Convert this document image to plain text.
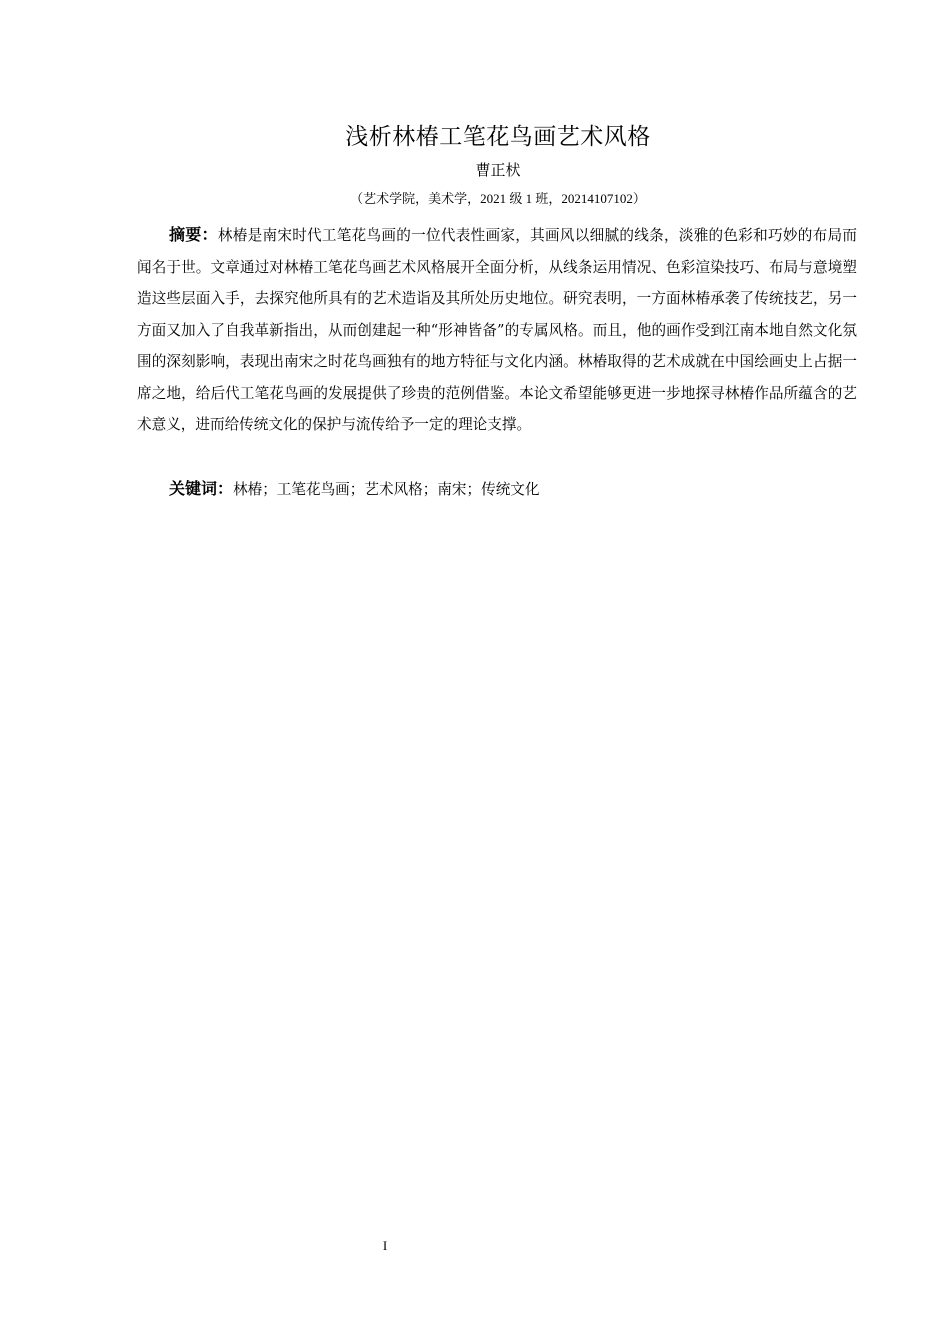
浅析林椿工笔花鸟画艺术风格
曹正枤
（艺术学院，美术学，2021 级 1 班，20214107102）
摘要：林椿是南宋时代工笔花鸟画的一位代表性画家，其画风以细腻的线条，淡雅的色彩和巧妙的布局而闻名于世。文章通过对林椿工笔花鸟画艺术风格展开全面分析，从线条运用情况、色彩渲染技巧、布局与意境塑造这些层面入手，去探究他所具有的艺术造诣及其所处历史地位。研究表明，一方面林椿承袭了传统技艺，另一方面又加入了自我革新指出，从而创建起一种“形神皆备”的专属风格。而且，他的画作受到江南本地自然文化氛围的深刻影响，表现出南宋之时花鸟画独有的地方特征与文化内涵。林椿取得的艺术成就在中国绘画史上占据一席之地，给后代工笔花鸟画的发展提供了珍贵的范例借鉴。本论文希望能够更进一步地探寻林椿作品所蕴含的艺术意义，进而给传统文化的保护与流传给予一定的理论支撑。
关键词：林椿；工笔花鸟画；艺术风格；南宋；传统文化
I
